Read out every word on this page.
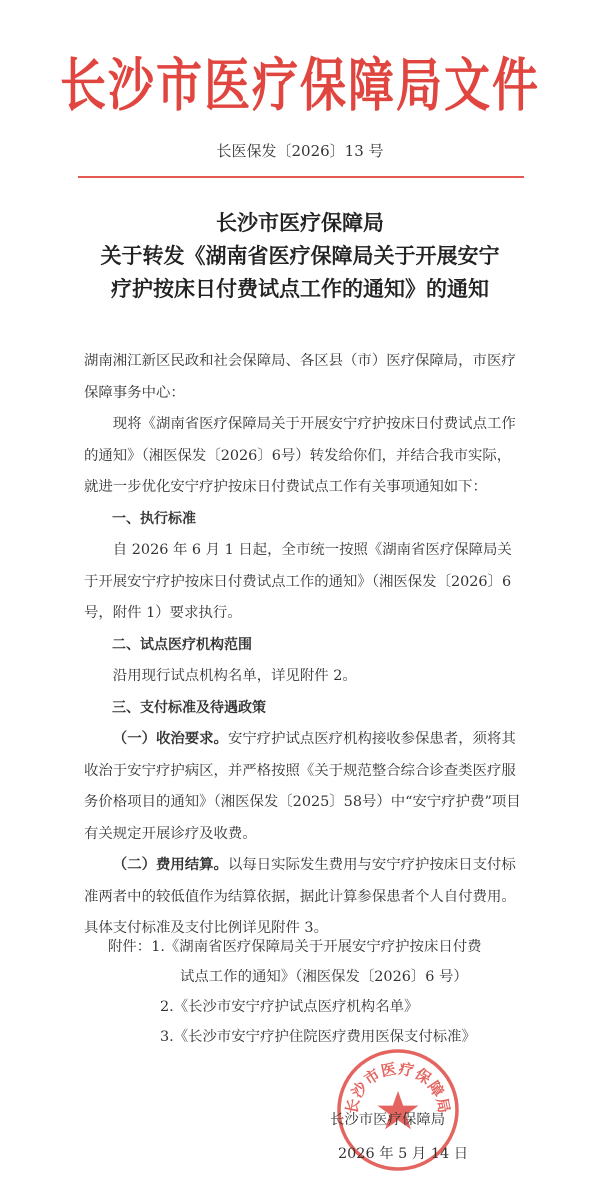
长沙市医疗保障局文件
长医保发〔2026〕13 号
长沙市医疗保障局
关于转发《湖南省医疗保障局关于开展安宁
疗护按床日付费试点工作的通知》的通知

湖南湘江新区民政和社会保障局、各区县（市）医疗保障局，市医疗保障事务中心：

现将《湖南省医疗保障局关于开展安宁疗护按床日付费试点工作的通知》（湘医保发〔2026〕6号）转发给你们，并结合我市实际，就进一步优化安宁疗护按床日付费试点工作有关事项通知如下：

一、执行标准

自 2026 年 6 月 1 日起，全市统一按照《湖南省医疗保障局关于开展安宁疗护按床日付费试点工作的通知》（湘医保发〔2026〕6 号，附件 1）要求执行。

二、试点医疗机构范围

沿用现行试点机构名单，详见附件 2。

三、支付标准及待遇政策

（一）收治要求。安宁疗护试点医疗机构接收参保患者，须将其收治于安宁疗护病区，并严格按照《关于规范整合综合诊查类医疗服务价格项目的通知》（湘医保发〔2025〕58号）中“安宁疗护费”项目有关规定开展诊疗及收费。

（二）费用结算。以每日实际发生费用与安宁疗护按床日支付标准两者中的较低值作为结算依据，据此计算参保患者个人自付费用。具体支付标准及支付比例详见附件 3。

附件：1.《湖南省医疗保障局关于开展安宁疗护按床日付费
试点工作的通知》（湘医保发〔2026〕6 号）
2.《长沙市安宁疗护试点医疗机构名单》
3.《长沙市安宁疗护住院医疗费用医保支付标准》
长沙市医疗保障局
长沙市医疗保障局
2026 年 5 月 14 日
